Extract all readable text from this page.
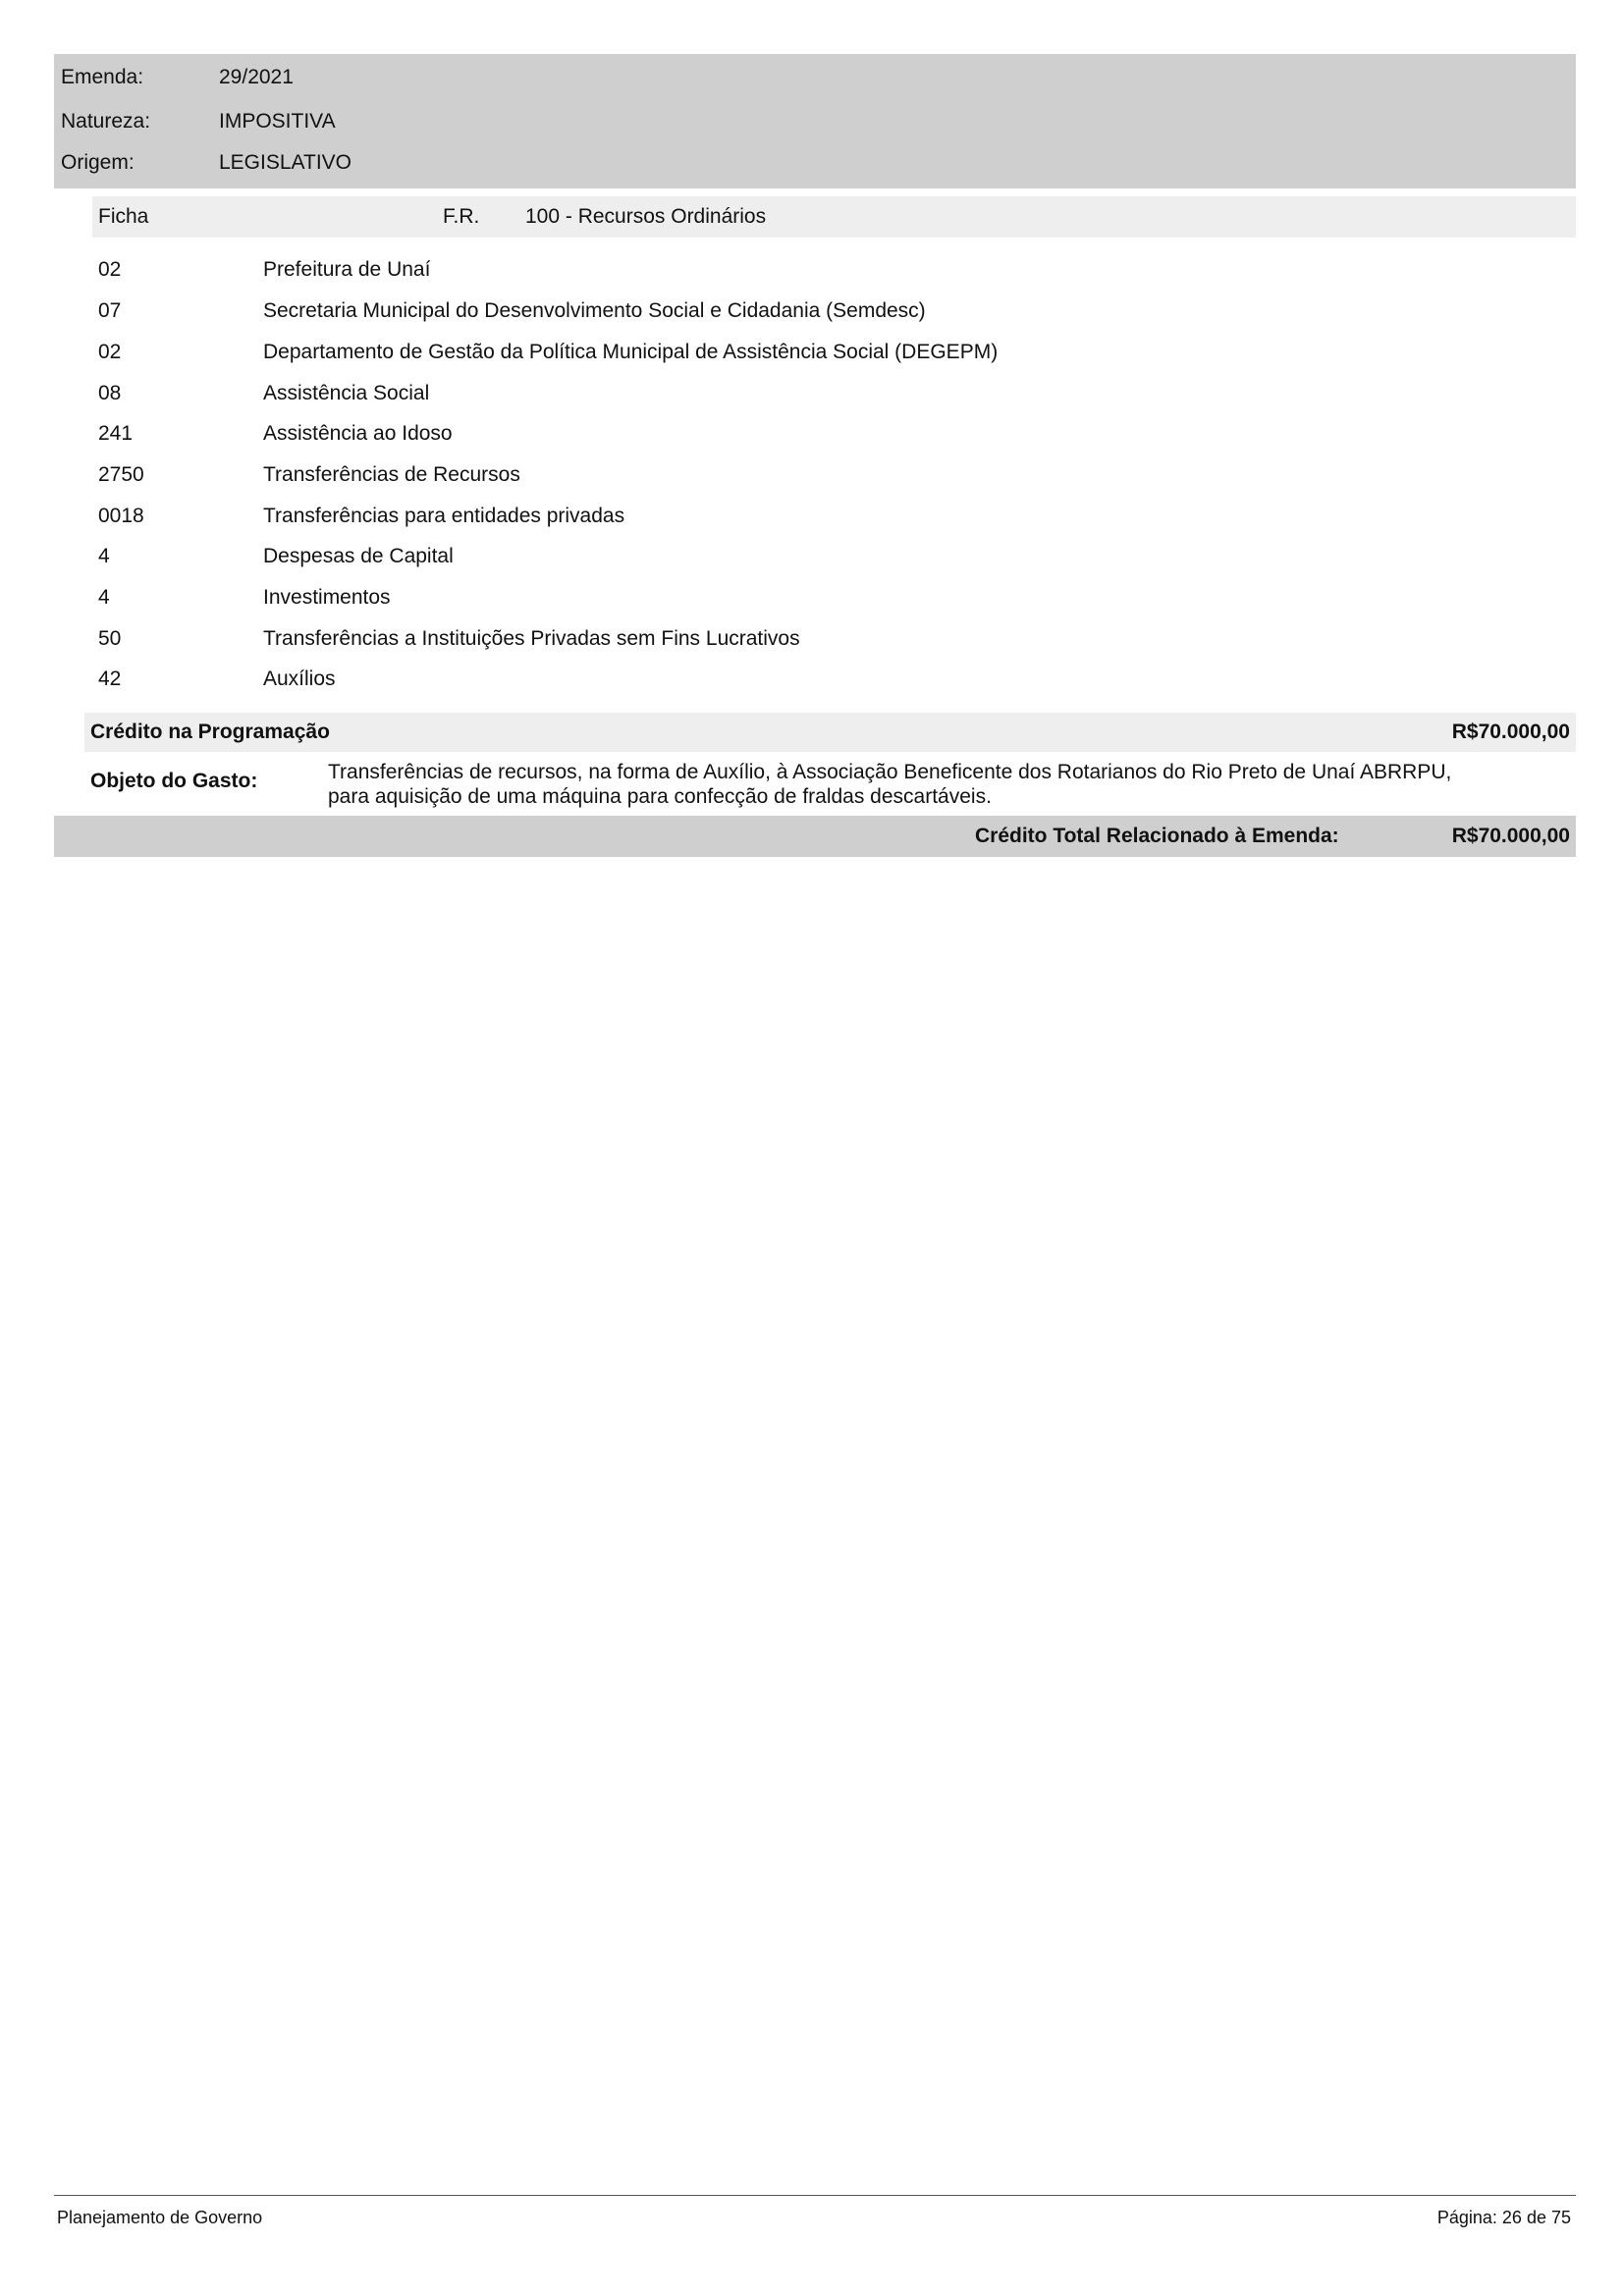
Emenda:	29/2021
Natureza:	IMPOSITIVA
Origem:	LEGISLATIVO
Ficha	F.R. 100 - Recursos Ordinários
02	Prefeitura de Unaí
07	Secretaria Municipal do Desenvolvimento Social e Cidadania (Semdesc)
02	Departamento de Gestão da Política Municipal de Assistência Social (DEGEPM)
08	Assistência Social
241	Assistência ao Idoso
2750	Transferências de Recursos
0018	Transferências para entidades privadas
4	Despesas de Capital
4	Investimentos
50	Transferências a Instituições Privadas sem Fins Lucrativos
42	Auxílios
Crédito na Programação	R$70.000,00
Objeto do Gasto:	Transferências de recursos, na forma de Auxílio, à Associação Beneficente dos Rotarianos do Rio Preto de Unaí ABRRPU,
para aquisição de uma máquina para confecção de fraldas descartáveis.
Crédito Total Relacionado à Emenda:	R$70.000,00
Planejamento de Governo	Página: 26 de 75
